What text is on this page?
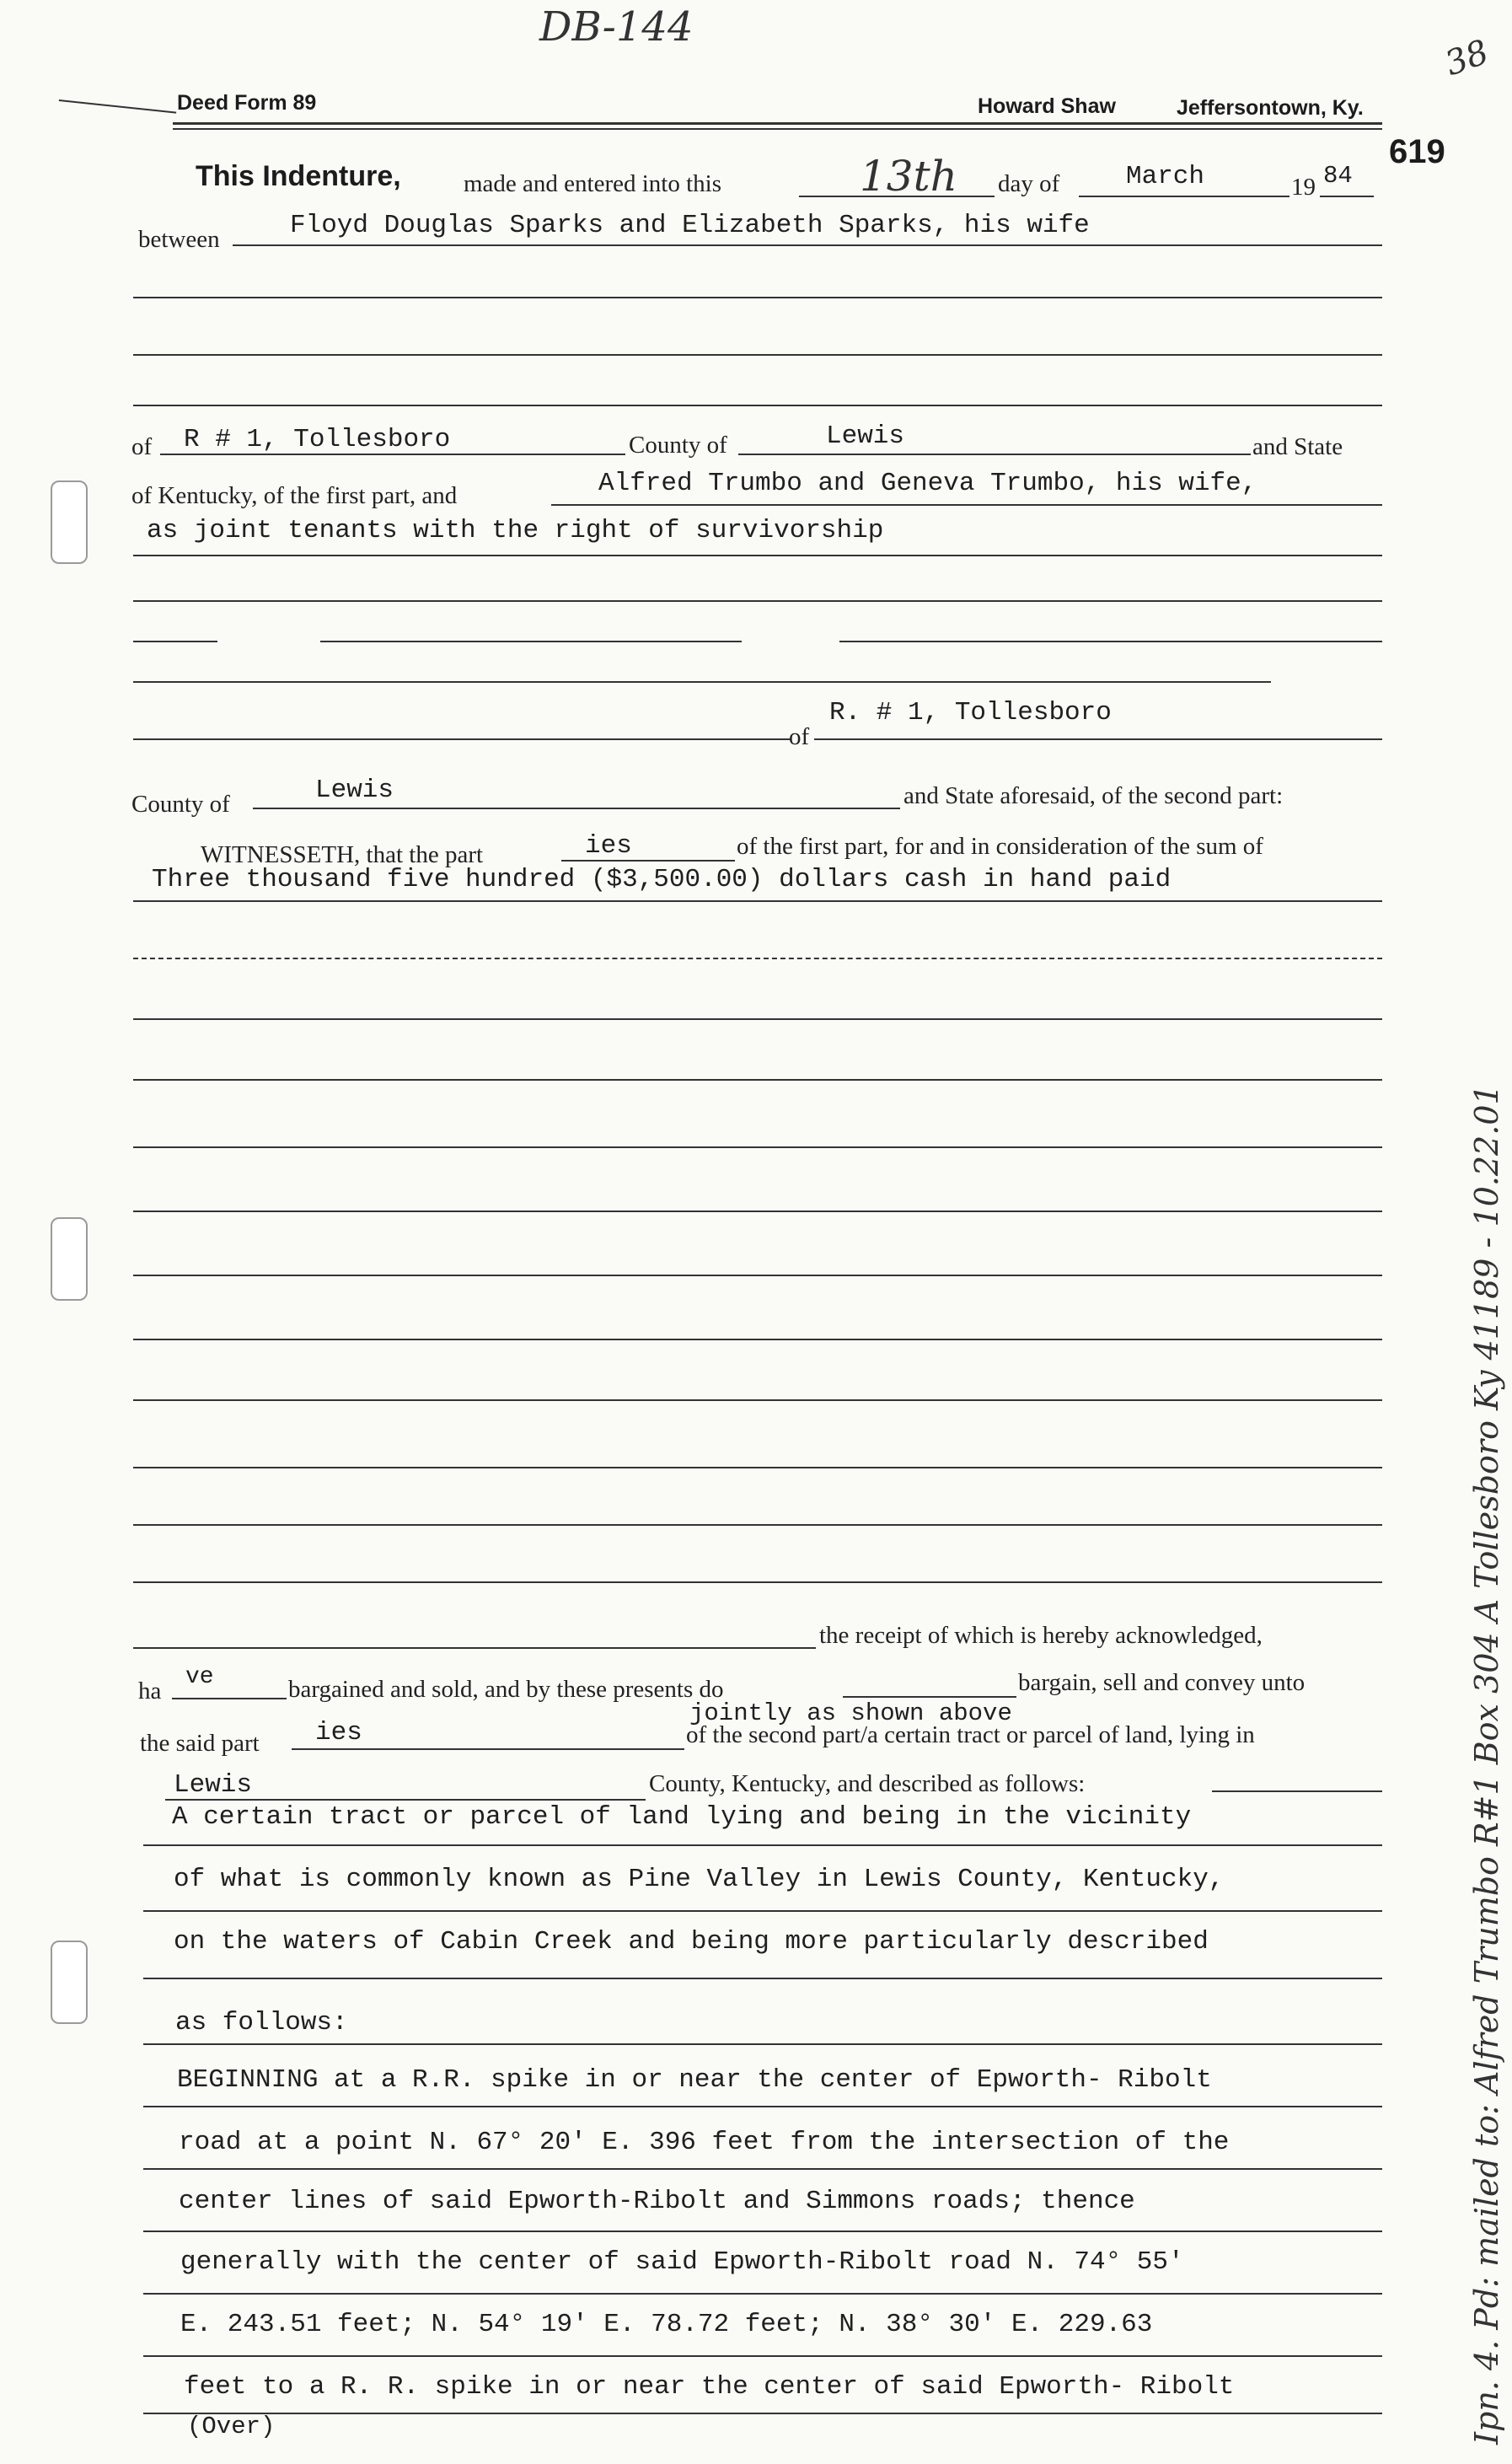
DB-144
38
619
Deed Form 89	Howard Shaw	Jeffersontown, Ky.
This Indenture,	made and entered into this	13th day of	March	19 84
between	Floyd Douglas Sparks and Elizabeth Sparks, his wife
of R # 1, Tollesboro	County of	Lewis	and State
of Kentucky, of the first part, and	Alfred Trumbo and Geneva Trumbo, his wife,
as joint tenants with the right of survivorship
of
R. # 1, Tollesboro
County of	Lewis	and State aforesaid, of the second part:
WITNESSETH, that the part	ies	of the first part, for and in consideration of the sum of
Three thousand five hundred ($3,500.00) dollars cash in hand paid
the receipt of which is hereby acknowledged,
ha
ve	bargained and sold, and by these presents do	bargain, sell and convey unto
jointly as shown above
the said part ies	of the second part/a certain tract or parcel of land, lying in
Lewis	County, Kentucky, and described as follows:
A certain tract or parcel of land lying and being in the vicinity
of what is commonly known as Pine Valley in Lewis County, Kentucky,
on the waters of Cabin Creek and being more particularly described
as follows:
BEGINNING at a R.R. spike in or near the center of Epworth- Ribolt
road at a point N. 67° 20' E. 396 feet from the intersection of the
center lines of said Epworth-Ribolt and Simmons roads; thence
generally with the center of said Epworth-Ribolt road N. 74° 55'
E. 243.51 feet; N. 54° 19' E. 78.72 feet; N. 38° 30' E. 229.63
feet to a R. R. spike in or near the center of said Epworth- Ribolt
(Over)	Ipn. 4. Pd: mailed to: Alfred Trumbo R#1 Box 304 A Tollesboro Ky 41189 - 10.22.01
